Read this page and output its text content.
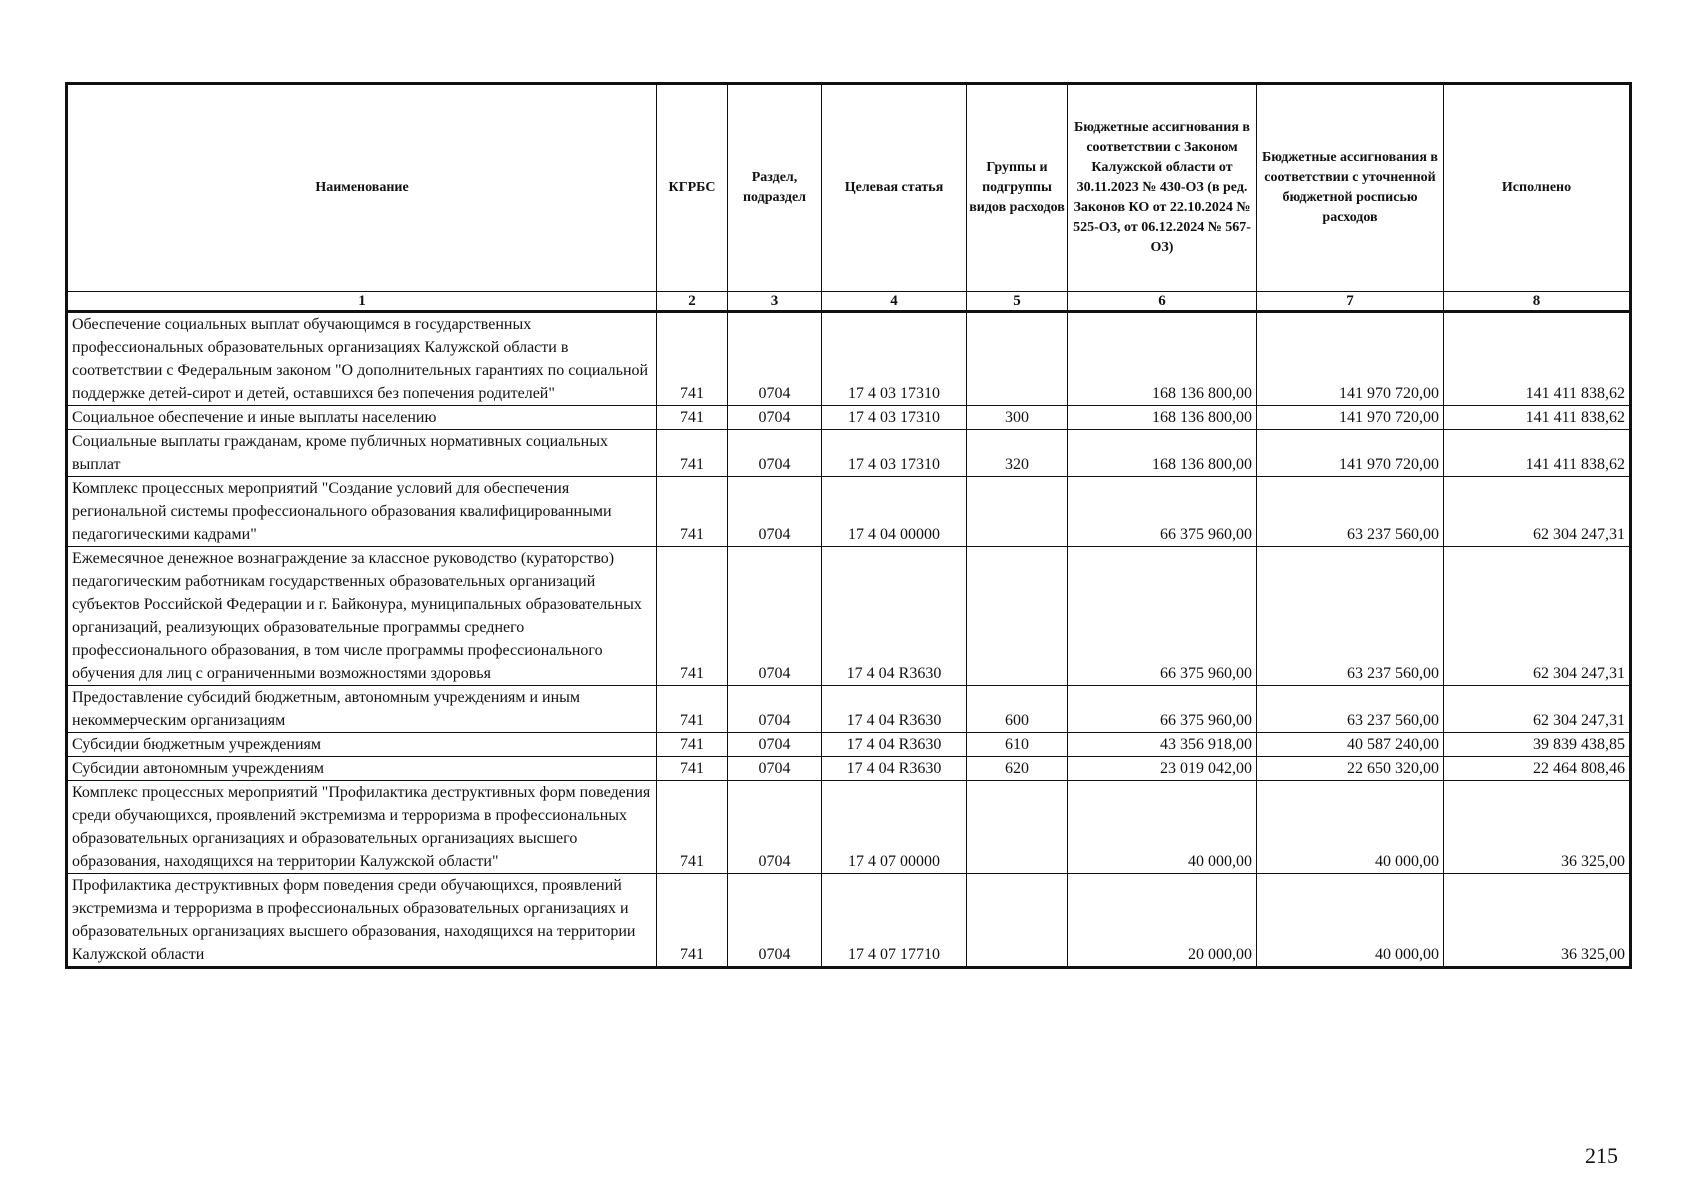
Наименование	КГРБС	Раздел, подраздел	Целевая статья	Группы и подгруппы видов расходов	Бюджетные ассигнования в соответствии с Законом Калужской области от 30.11.2023 № 430-ОЗ (в ред. Законов КО от 22.10.2024 № 525-ОЗ, от 06.12.2024 № 567-ОЗ)	Бюджетные ассигнования в соответствии с уточненной бюджетной росписью расходов	Исполнено
1	2	3	4	5	6	7	8
Обеспечение социальных выплат обучающимся в государственных профессиональных образовательных организациях Калужской области в соответствии с Федеральным законом "О дополнительных гарантиях по социальной поддержке детей-сирот и детей, оставшихся без попечения родителей"	741	0704	17 4 03 17310		168 136 800,00	141 970 720,00	141 411 838,62
Социальное обеспечение и иные выплаты населению	741	0704	17 4 03 17310	300	168 136 800,00	141 970 720,00	141 411 838,62
Социальные выплаты гражданам, кроме публичных нормативных социальных выплат	741	0704	17 4 03 17310	320	168 136 800,00	141 970 720,00	141 411 838,62
Комплекс процессных мероприятий "Создание условий для обеспечения региональной системы профессионального образования квалифицированными педагогическими кадрами"	741	0704	17 4 04 00000		66 375 960,00	63 237 560,00	62 304 247,31
Ежемесячное денежное вознаграждение за классное руководство (кураторство) педагогическим работникам государственных образовательных организаций субъектов Российской Федерации и г. Байконура, муниципальных образовательных организаций, реализующих образовательные программы среднего профессионального образования, в том числе программы профессионального обучения для лиц с ограниченными возможностями здоровья	741	0704	17 4 04 R3630		66 375 960,00	63 237 560,00	62 304 247,31
Предоставление субсидий бюджетным, автономным учреждениям и иным некоммерческим организациям	741	0704	17 4 04 R3630	600	66 375 960,00	63 237 560,00	62 304 247,31
Субсидии бюджетным учреждениям	741	0704	17 4 04 R3630	610	43 356 918,00	40 587 240,00	39 839 438,85
Субсидии автономным учреждениям	741	0704	17 4 04 R3630	620	23 019 042,00	22 650 320,00	22 464 808,46
Комплекс процессных мероприятий "Профилактика деструктивных форм поведения среди обучающихся, проявлений экстремизма и терроризма в профессиональных образовательных организациях и образовательных организациях высшего образования, находящихся на территории Калужской области"	741	0704	17 4 07 00000		40 000,00	40 000,00	36 325,00
Профилактика деструктивных форм поведения среди обучающихся, проявлений экстремизма и терроризма в профессиональных образовательных организациях и образовательных организациях высшего образования, находящихся на территории Калужской области	741	0704	17 4 07 17710		20 000,00	40 000,00	36 325,00
215
